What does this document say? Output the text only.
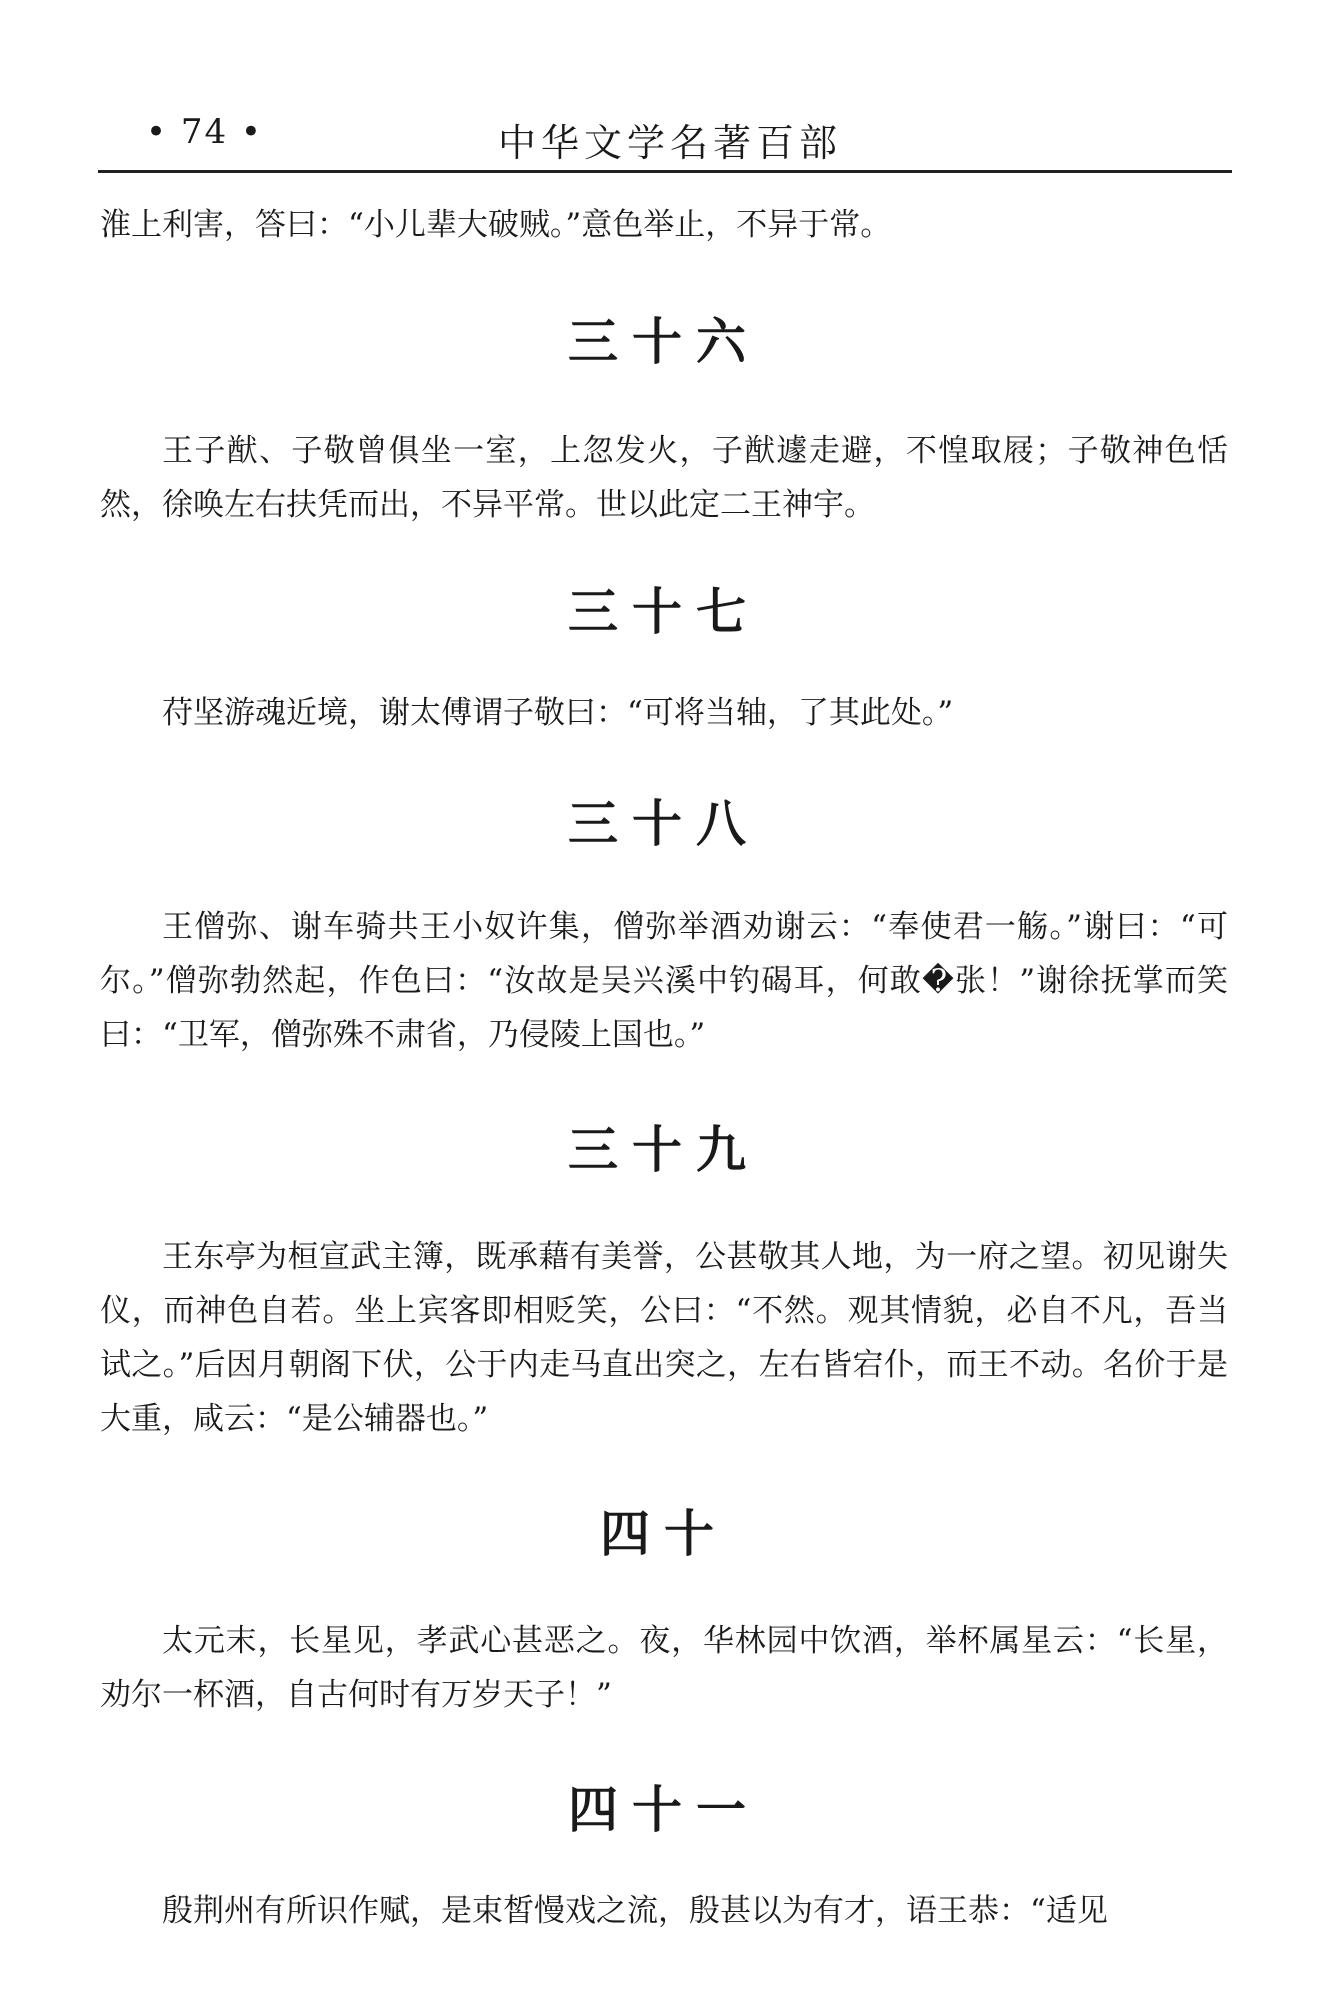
• 74 •	中华文学名著百部

淮上利害，答曰：“小儿辈大破贼。”意色举止，不异于常。

三十六

王子猷、子敬曾俱坐一室，上忽发火，子猷遽走避，不惶取屐；子敬神色恬然，徐唤左右扶凭而出，不异平常。世以此定二王神宇。

三十七

苻坚游魂近境，谢太傅谓子敬曰：“可将当轴，了其此处。”

三十八

王僧弥、谢车骑共王小奴许集，僧弥举酒劝谢云：“奉使君一觞。”谢曰：“可尔。”僧弥勃然起，作色曰：“汝故是吴兴溪中钓碣耳，何敢�张！”谢徐抚掌而笑曰：“卫军，僧弥殊不肃省，乃侵陵上国也。”

三十九

王东亭为桓宣武主簿，既承藉有美誉，公甚敬其人地，为一府之望。初见谢失仪，而神色自若。坐上宾客即相贬笑，公曰：“不然。观其情貌，必自不凡，吾当试之。”后因月朝阁下伏，公于内走马直出突之，左右皆宕仆，而王不动。名价于是大重，咸云：“是公辅器也。”

四十

太元末，长星见，孝武心甚恶之。夜，华林园中饮酒，举杯属星云：“长星，劝尔一杯酒，自古何时有万岁天子！”

四十一

殷荆州有所识作赋，是束皙慢戏之流，殷甚以为有才，语王恭：“适见
